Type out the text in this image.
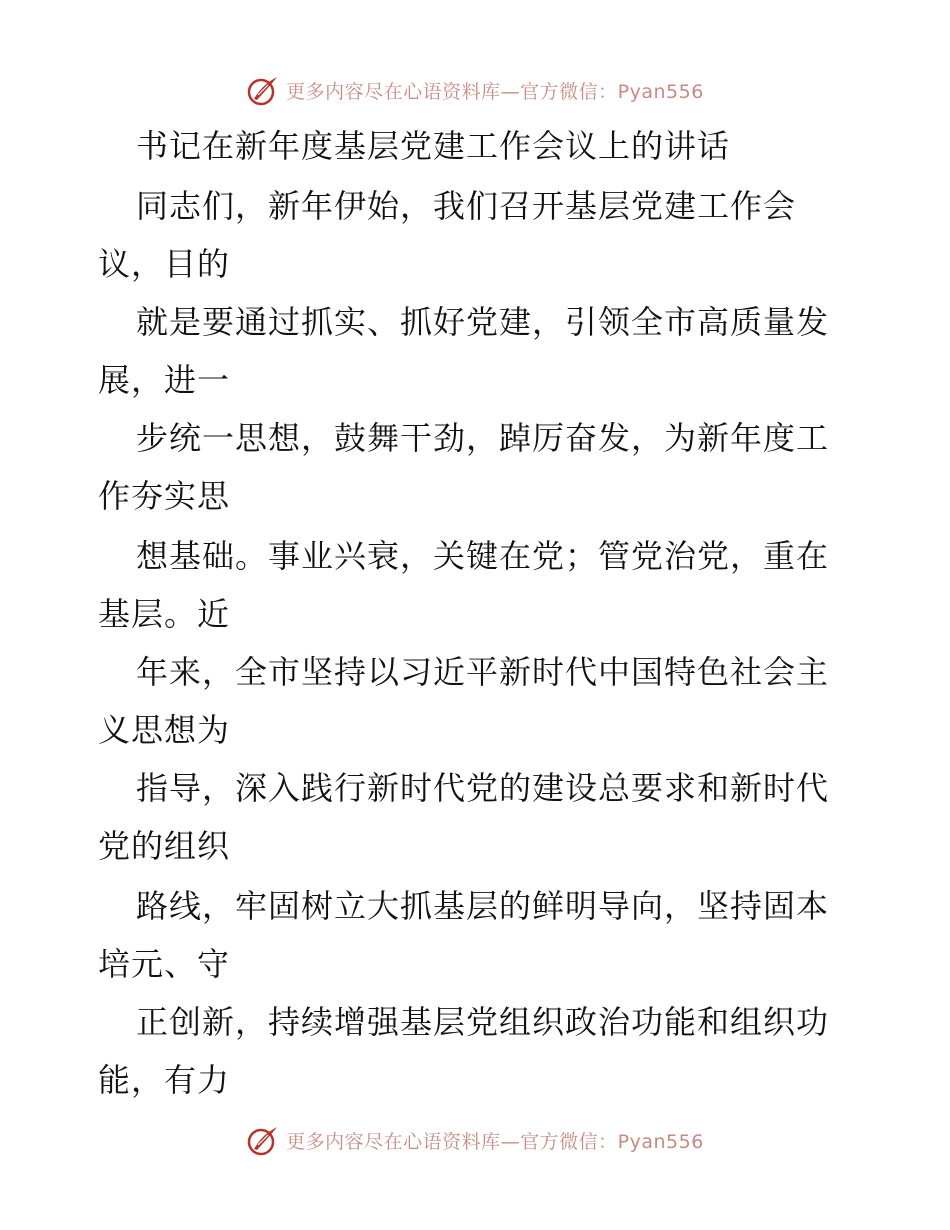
更多内容尽在心语资料库—官方微信：Pyan556
书记在新年度基层党建工作会议上的讲话
同志们，新年伊始，我们召开基层党建工作会
议，目的
就是要通过抓实、抓好党建，引领全市高质量发
展，进一
步统一思想，鼓舞干劲，踔厉奋发，为新年度工
作夯实思
想基础。事业兴衰，关键在党；管党治党，重在
基层。近
年来，全市坚持以习近平新时代中国特色社会主
义思想为
指导，深入践行新时代党的建设总要求和新时代
党的组织
路线，牢固树立大抓基层的鲜明导向，坚持固本
培元、守
正创新，持续增强基层党组织政治功能和组织功
能，有力
更多内容尽在心语资料库—官方微信：Pyan556
